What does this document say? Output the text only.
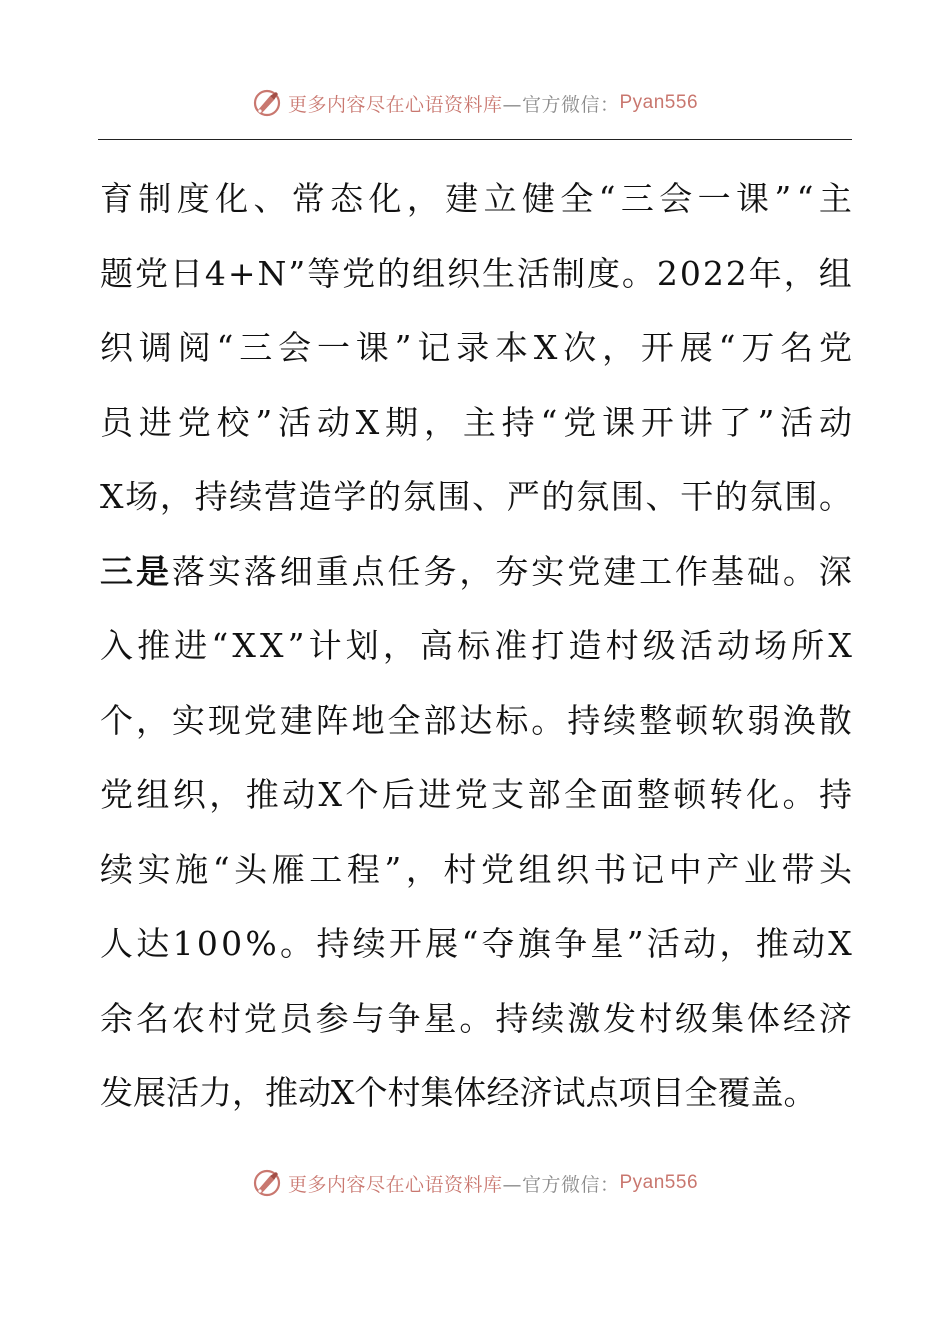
更多内容尽在心语资料库 —官方微信： Pyan556
育 制 度 化 、 常 态 化 ， 建 立 健 全 “ 三 会 一 课 ” “ 主
题 党 日 4 + N ” 等 党 的 组 织 生 活 制 度 。 2 0 2 2 年 ， 组
织 调 阅 “ 三 会 一 课 ” 记 录 本 X 次 ， 开 展 “ 万 名 党
员 进 党 校 ” 活 动 X 期 ， 主 持 “ 党 课 开 讲 了 ” 活 动
X 场 ， 持 续 营 造 学 的 氛 围 、 严 的 氛 围 、 干 的 氛 围 。
三 是 落 实 落 细 重 点 任 务 ， 夯 实 党 建 工 作 基 础 。 深
入 推 进 “ X X ” 计 划 ， 高 标 准 打 造 村 级 活 动 场 所 X
个 ， 实 现 党 建 阵 地 全 部 达 标 。 持 续 整 顿 软 弱 涣 散
党 组 织 ， 推 动 X 个 后 进 党 支 部 全 面 整 顿 转 化 。 持
续 实 施 “ 头 雁 工 程 ” ， 村 党 组 织 书 记 中 产 业 带 头
人 达 1 0 0 % 。 持 续 开 展 “ 夺 旗 争 星 ” 活 动 ， 推 动 X
余 名 农 村 党 员 参 与 争 星 。 持 续 激 发 村 级 集 体 经 济
发展活力，推动X个村集体经济试点项目全覆盖。
更多内容尽在心语资料库 —官方微信： Pyan556
